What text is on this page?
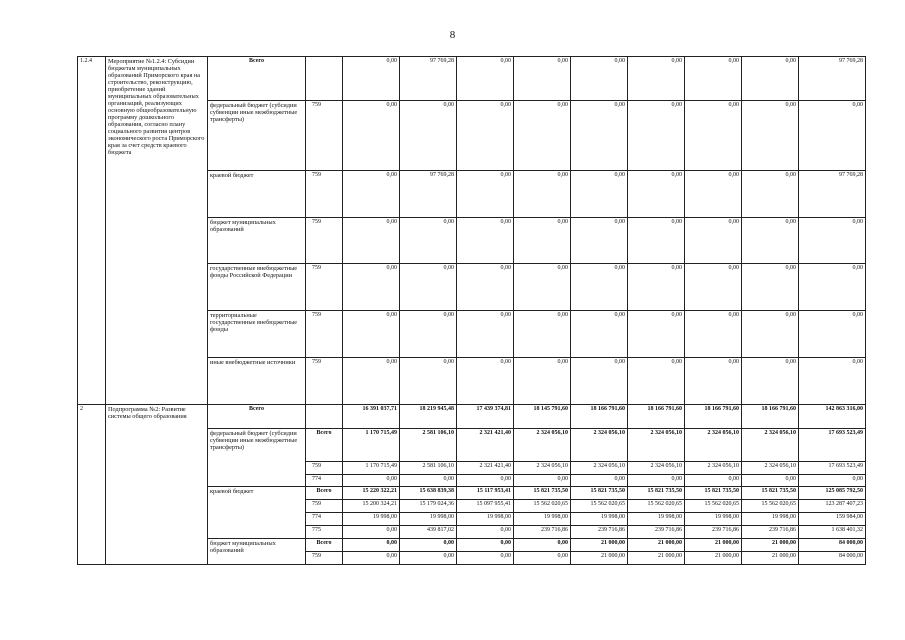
8
1.2.4	Мероприятие №1.2.4: Субсидии бюджетам муниципальных образований Приморского края на строительство, реконструкцию, приобретение зданий муниципальных образовательных организаций, реализующих основную общеобразовательную программу дошкольного образования, согласно плану социального развития центров экономического роста Приморского края за счет средств краевого бюджета	Всего		0,00	97 769,28	0,00	0,00	0,00	0,00	0,00	0,00	97 769,28
		федеральный бюджет (субсидии субвенции иные межбюджетные трансферты)	759	0,00	0,00	0,00	0,00	0,00	0,00	0,00	0,00	0,00
		краевой бюджет	759	0,00	97 769,28	0,00	0,00	0,00	0,00	0,00	0,00	97 769,28
		бюджет муниципальных образований	759	0,00	0,00	0,00	0,00	0,00	0,00	0,00	0,00	0,00
		государственные внебюджетные фонды Российской Федерации	759	0,00	0,00	0,00	0,00	0,00	0,00	0,00	0,00	0,00
		территориальные государственные внебюджетные фонды	759	0,00	0,00	0,00	0,00	0,00	0,00	0,00	0,00	0,00
		иные внебюджетные источники	759	0,00	0,00	0,00	0,00	0,00	0,00	0,00	0,00	0,00
2	Подпрограмма №2: Развитие системы общего образования	Всего		16 391 037,71	18 219 945,48	17 439 374,81	18 145 791,60	18 166 791,60	18 166 791,60	18 166 791,60	18 166 791,60	142 863 316,00
		федеральный бюджет (субсидии субвенции иные межбюджетные трансферты)	Всего	1 170 715,49	2 581 106,10	2 321 421,40	2 324 056,10	2 324 056,10	2 324 056,10	2 324 056,10	2 324 056,10	17 693 523,49
			759	1 170 715,49	2 581 106,10	2 321 421,40	2 324 056,10	2 324 056,10	2 324 056,10	2 324 056,10	2 324 056,10	17 693 523,49
			774	0,00	0,00	0,00	0,00	0,00	0,00	0,00	0,00	0,00
		краевой бюджет	Всего	15 220 322,21	15 638 839,38	15 117 953,41	15 821 735,50	15 821 735,50	15 821 735,50	15 821 735,50	15 821 735,50	125 085 792,50
			759	15 200 324,21	15 179 024,36	15 097 955,41	15 562 020,65	15 562 020,65	15 562 020,65	15 562 020,65	15 562 020,65	123 287 407,23
			774	19 998,00	19 998,00	19 998,00	19 998,00	19 998,00	19 998,00	19 998,00	19 998,00	159 984,00
			775	0,00	439 817,02	0,00	239 716,86	239 716,86	239 716,86	239 716,86	239 716,86	1 638 401,32
		бюджет муниципальных образований	Всего	0,00	0,00	0,00	0,00	21 000,00	21 000,00	21 000,00	21 000,00	84 000,00
			759	0,00	0,00	0,00	0,00	21 000,00	21 000,00	21 000,00	21 000,00	84 000,00
